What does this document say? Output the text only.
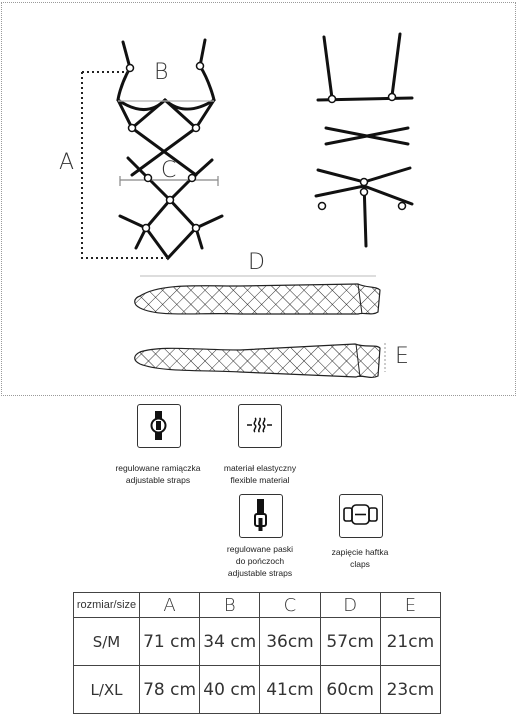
A
B
C
D
E
regulowane ramiączka
adjustable straps
materiał elastyczny
flexible material
regulowane paski
do pończoch
adjustable straps
zapięcie haftka
claps
rozmiar/size	A	B	C	D	E
S/M	71 cm	34 cm	36cm	57cm	21cm
L/XL	78 cm	40 cm	41cm	60cm	23cm
